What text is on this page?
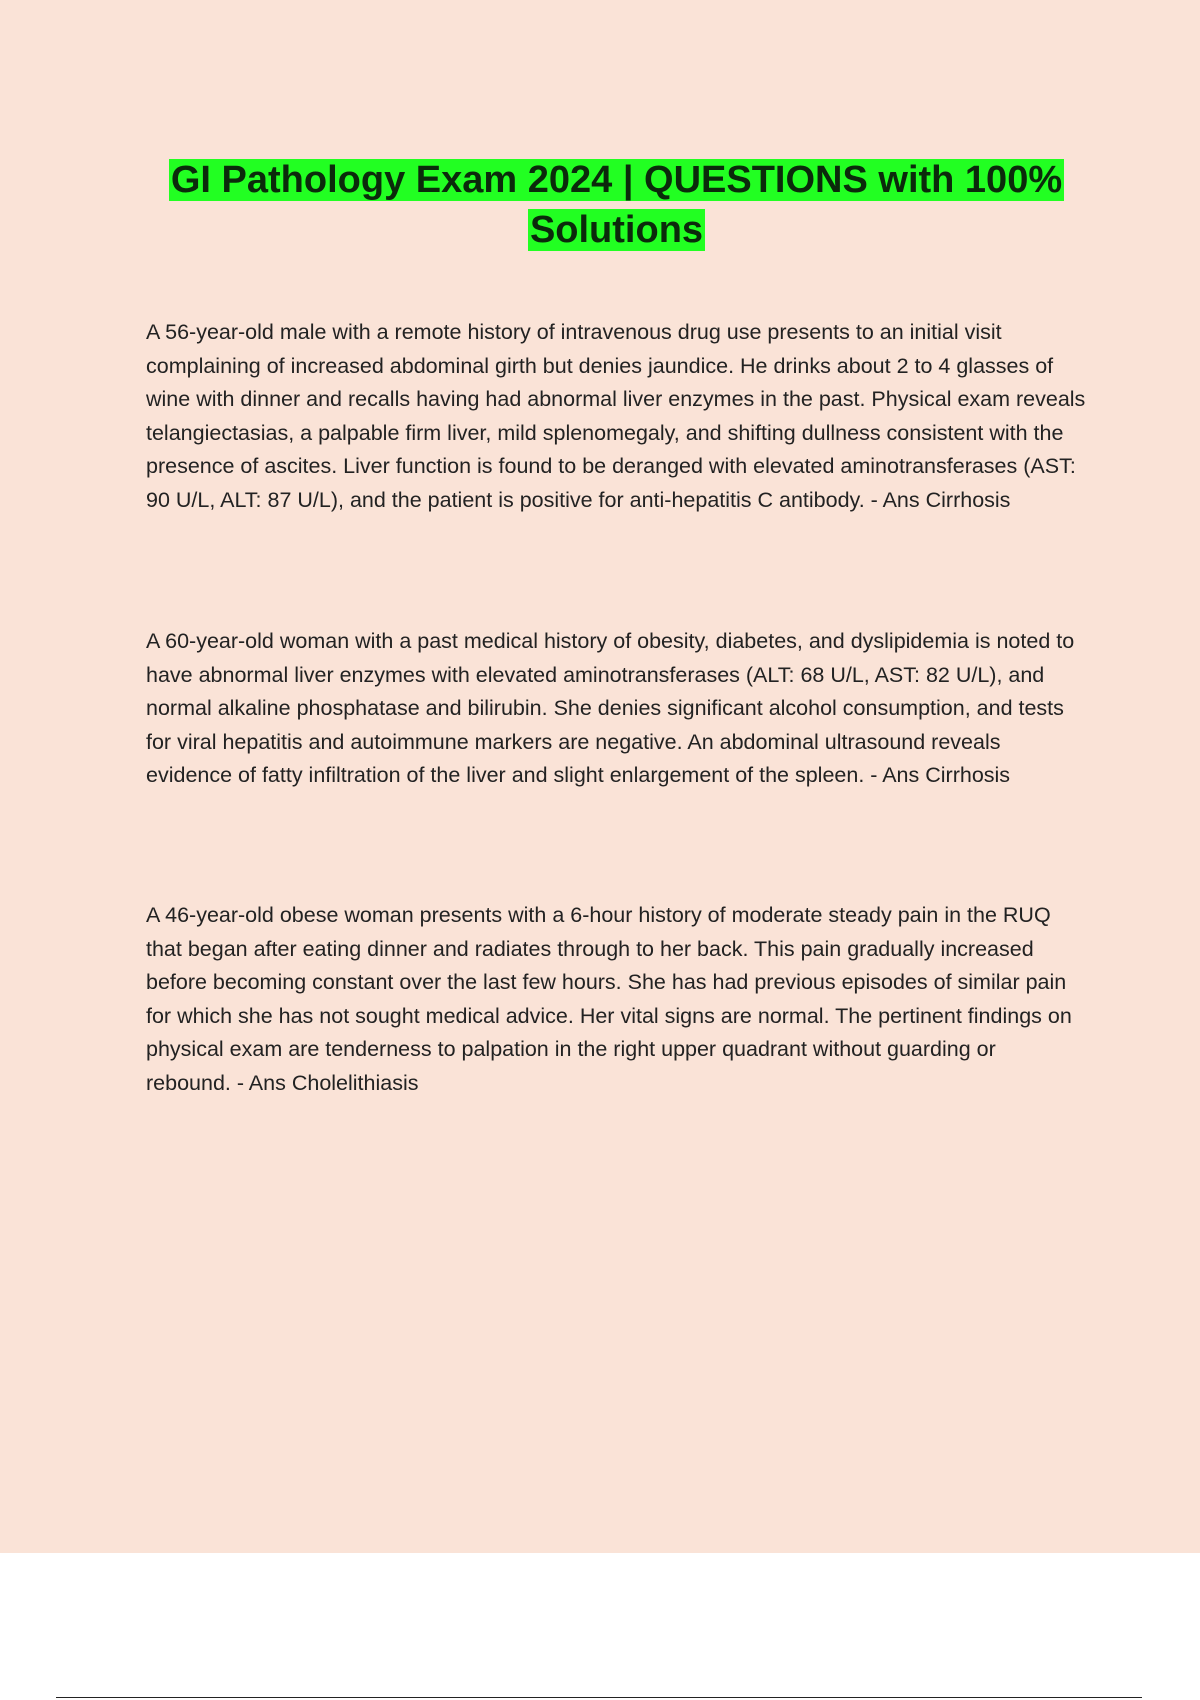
GI Pathology Exam 2024 | QUESTIONS with 100%
Solutions

A 56-year-old male with a remote history of intravenous drug use presents to an initial visit complaining of increased abdominal girth but denies jaundice. He drinks about 2 to 4 glasses of wine with dinner and recalls having had abnormal liver enzymes in the past. Physical exam reveals telangiectasias, a palpable firm liver, mild splenomegaly, and shifting dullness consistent with the presence of ascites. Liver function is found to be deranged with elevated aminotransferases (AST: 90 U/L, ALT: 87 U/L), and the patient is positive for anti-hepatitis C antibody. - Ans Cirrhosis

A 60-year-old woman with a past medical history of obesity, diabetes, and dyslipidemia is noted to have abnormal liver enzymes with elevated aminotransferases (ALT: 68 U/L, AST: 82 U/L), and normal alkaline phosphatase and bilirubin. She denies significant alcohol consumption, and tests for viral hepatitis and autoimmune markers are negative. An abdominal ultrasound reveals evidence of fatty infiltration of the liver and slight enlargement of the spleen. - Ans Cirrhosis

A 46-year-old obese woman presents with a 6-hour history of moderate steady pain in the RUQ that began after eating dinner and radiates through to her back. This pain gradually increased before becoming constant over the last few hours. She has had previous episodes of similar pain for which she has not sought medical advice. Her vital signs are normal. The pertinent findings on physical exam are tenderness to palpation in the right upper quadrant without guarding or rebound. - Ans Cholelithiasis
